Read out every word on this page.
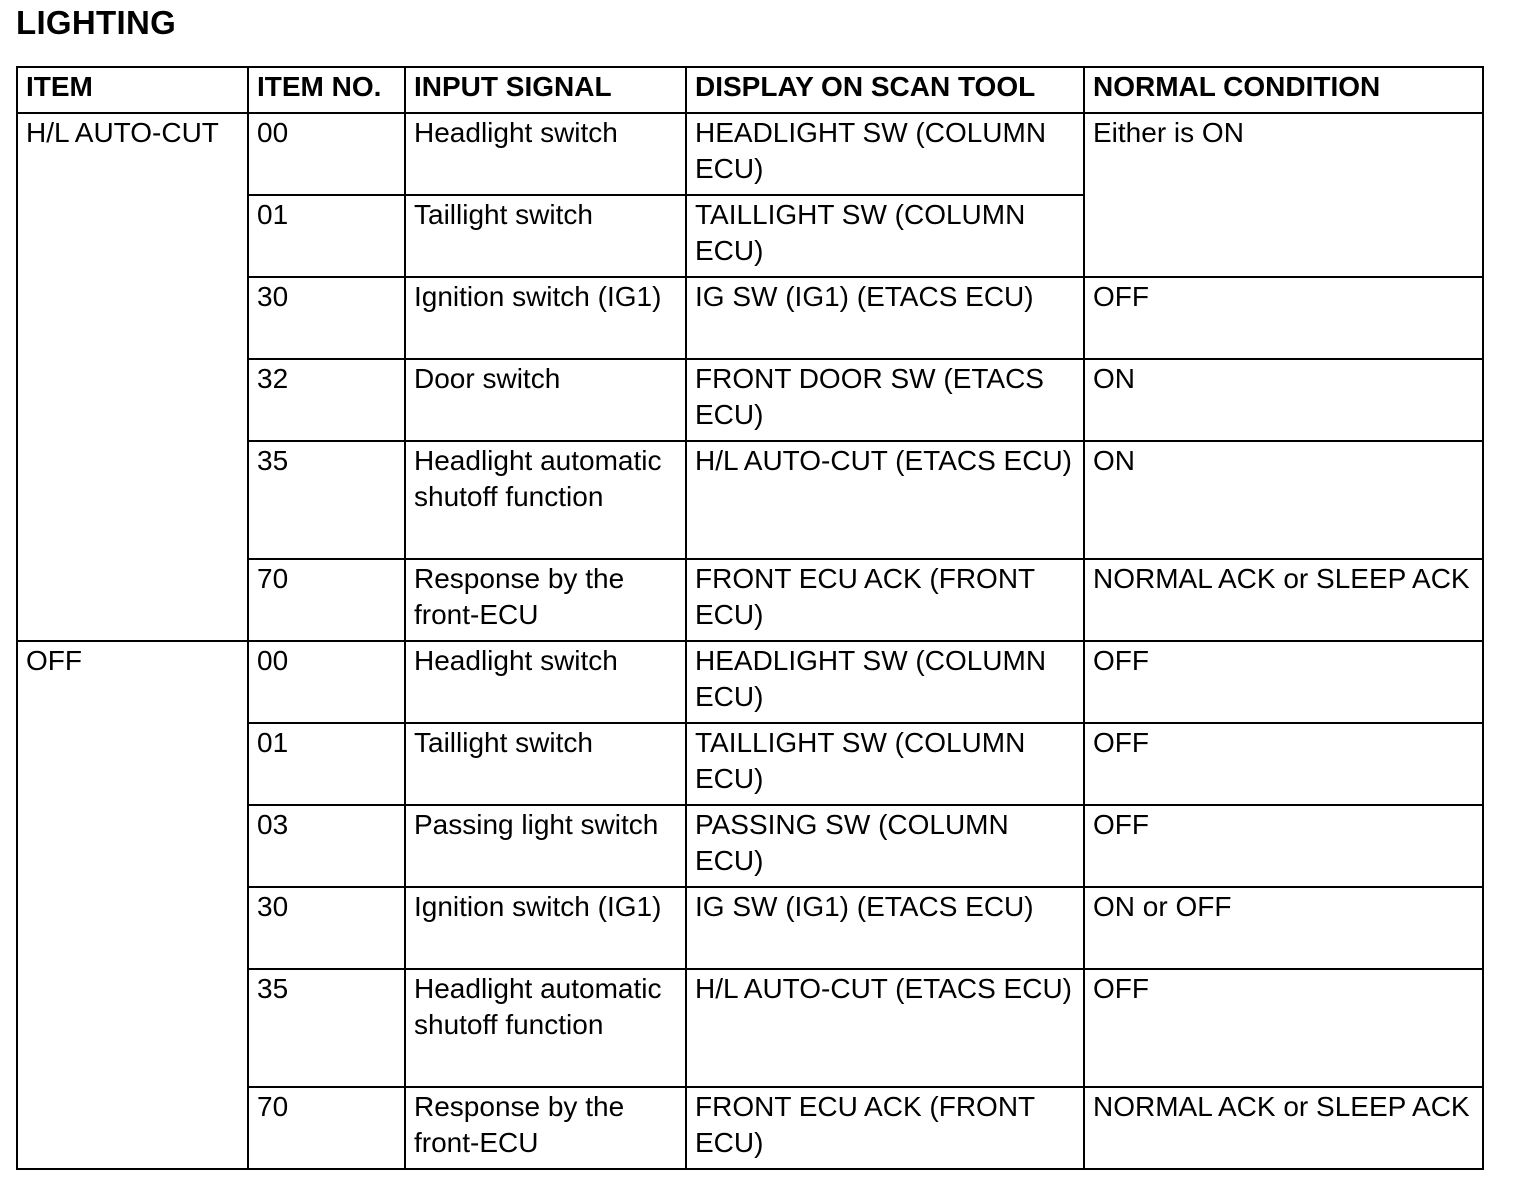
LIGHTING
ITEM	ITEM NO.	INPUT SIGNAL	DISPLAY ON SCAN TOOL	NORMAL CONDITION
H/L AUTO-CUT	00	Headlight switch	HEADLIGHT SW (COLUMN ECU)	Either is ON
	01	Taillight switch	TAILLIGHT SW (COLUMN ECU)	
	30	Ignition switch (IG1)	IG SW (IG1) (ETACS ECU)	OFF
	32	Door switch	FRONT DOOR SW (ETACS ECU)	ON
	35	Headlight automatic shutoff function	H/L AUTO-CUT (ETACS ECU)	ON
	70	Response by the front-ECU	FRONT ECU ACK (FRONT ECU)	NORMAL ACK or SLEEP ACK
OFF	00	Headlight switch	HEADLIGHT SW (COLUMN ECU)	OFF
	01	Taillight switch	TAILLIGHT SW (COLUMN ECU)	OFF
	03	Passing light switch	PASSING SW (COLUMN ECU)	OFF
	30	Ignition switch (IG1)	IG SW (IG1) (ETACS ECU)	ON or OFF
	35	Headlight automatic shutoff function	H/L AUTO-CUT (ETACS ECU)	OFF
	70	Response by the front-ECU	FRONT ECU ACK (FRONT ECU)	NORMAL ACK or SLEEP ACK
